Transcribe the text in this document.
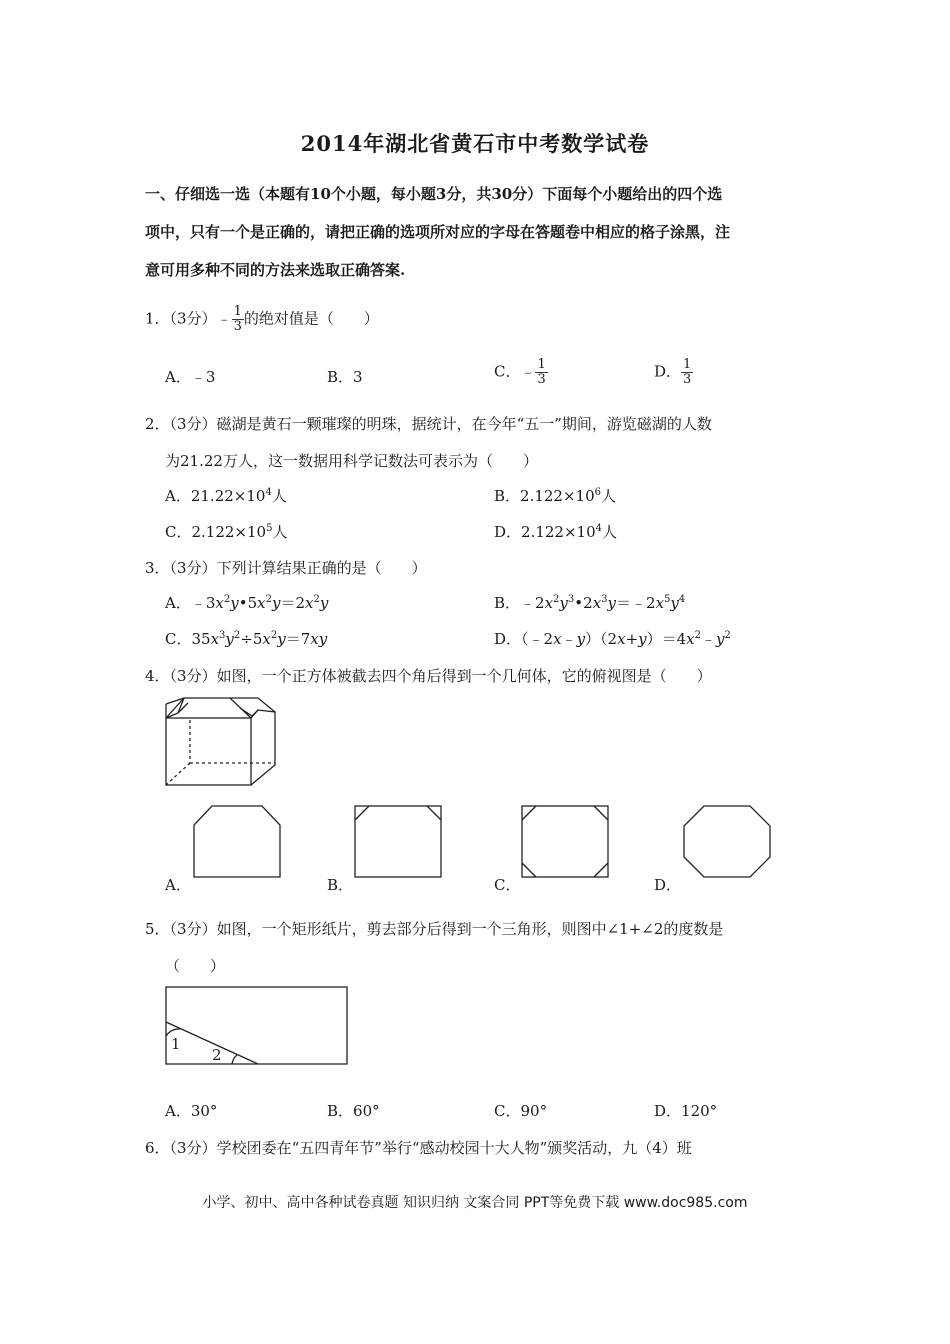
2014年湖北省黄石市中考数学试卷
一、仔细选一选（本题有10个小题，每小题3分，共30分）下面每个小题给出的四个选
项中，只有一个是正确的，请把正确的选项所对应的字母在答题卷中相应的格子涂黑，注
意可用多种不同的方法来选取正确答案.
1．（3分）﹣ $\frac{1}{3}$ 的绝对值是（　　）
A．﹣3	B．3	C．﹣ $\frac{1}{3}$	D． $\frac{1}{3}$
2．（3分）磁湖是黄石一颗璀璨的明珠，据统计，在今年“五一”期间，游览磁湖的人数
为21.22万人，这一数据用科学记数法可表示为（　　）
A．$21.22\times 10^4$人	B．$2.122\times 10^6$人
C．$2.122\times 10^5$人	D．$2.122\times 10^4$人
3．（3分）下列计算结果正确的是（　　）
A．$﹣3x^2y•5x^2y=2x^2y$	B．$﹣2x^2y^3•2x^3y=﹣2x^5y^4$
C．$35x^3y^2\div 5x^2y=7xy$	D．$(﹣2x﹣y)(2x+y)=4x^2﹣y^2$
4．（3分）如图，一个正方体被截去四个角后得到一个几何体，它的俯视图是（　　）
A．	B．	C．	D．
5．（3分）如图，一个矩形纸片，剪去部分后得到一个三角形，则图中∠1+∠2的度数是
（　　）
1
2
A．30°	B．60°	C．90°	D．120°
6．（3分）学校团委在“五四青年节”举行“感动校园十大人物”颁奖活动，九（4）班
小学、初中、高中各种试卷真题 知识归纳 文案合同 PPT等免费下载 www.doc985.com
